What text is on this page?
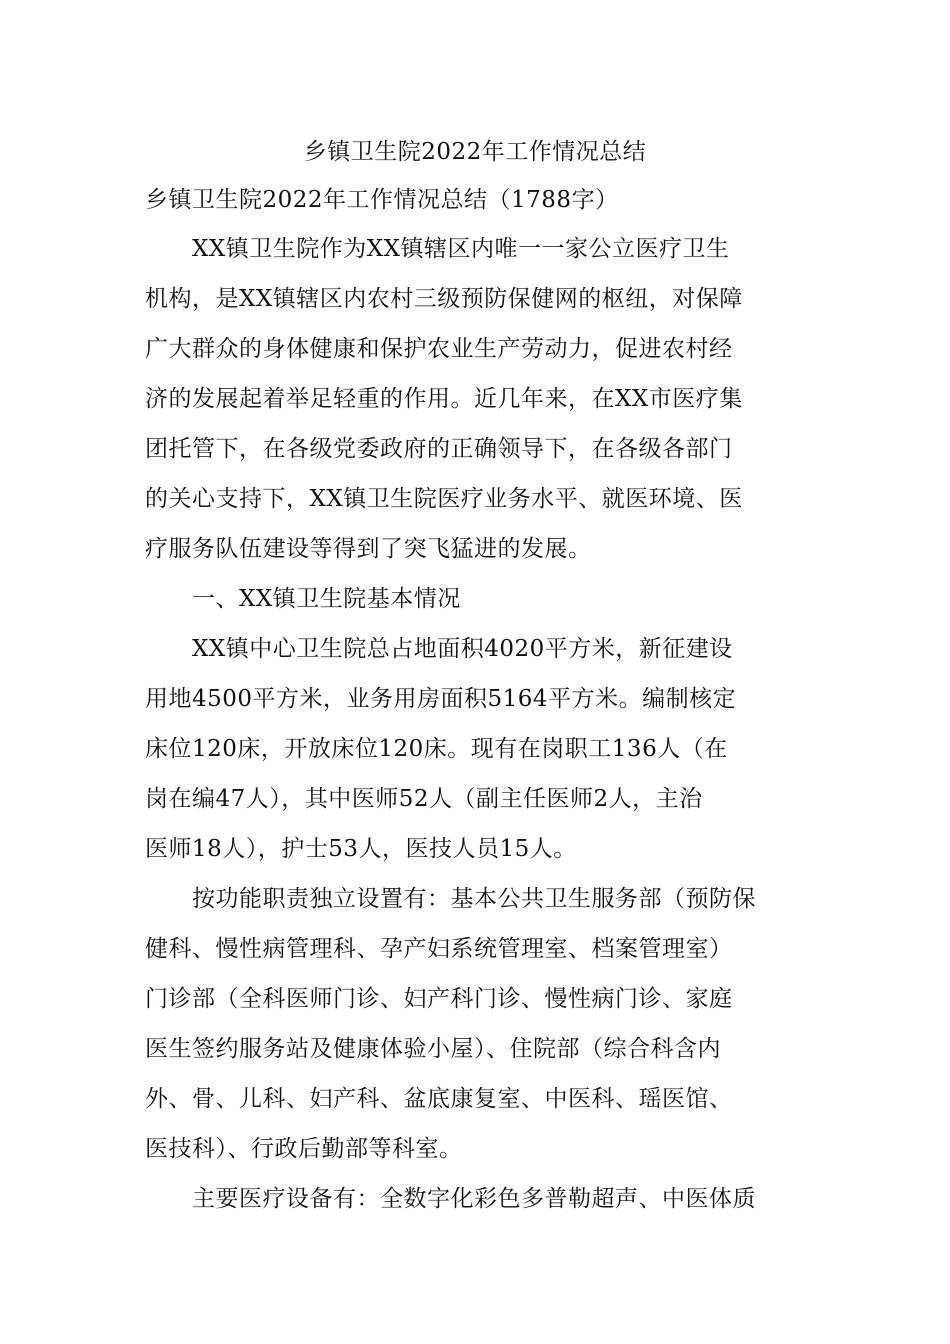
乡镇卫生院2022年工作情况总结
乡镇卫生院2022年工作情况总结（1788字）
　　XX镇卫生院作为XX镇辖区内唯一一家公立医疗卫生
机构，是XX镇辖区内农村三级预防保健网的枢纽，对保障
广大群众的身体健康和保护农业生产劳动力，促进农村经
济的发展起着举足轻重的作用。近几年来，在XX市医疗集
团托管下，在各级党委政府的正确领导下，在各级各部门
的关心支持下，XX镇卫生院医疗业务水平、就医环境、医
疗服务队伍建设等得到了突飞猛进的发展。
　　一、XX镇卫生院基本情况
　　XX镇中心卫生院总占地面积4020平方米，新征建设
用地4500平方米，业务用房面积5164平方米。编制核定
床位120床，开放床位120床。现有在岗职工136人（在
岗在编47人），其中医师52人（副主任医师2人，主治
医师18人），护士53人，医技人员15人。
　　按功能职责独立设置有：基本公共卫生服务部（预防保
健科、慢性病管理科、孕产妇系统管理室、档案管理室）
门诊部（全科医师门诊、妇产科门诊、慢性病门诊、家庭
医生签约服务站及健康体验小屋）、住院部（综合科含内
外、骨、儿科、妇产科、盆底康复室、中医科、瑶医馆、
医技科）、行政后勤部等科室。
　　主要医疗设备有：全数字化彩色多普勒超声、中医体质
